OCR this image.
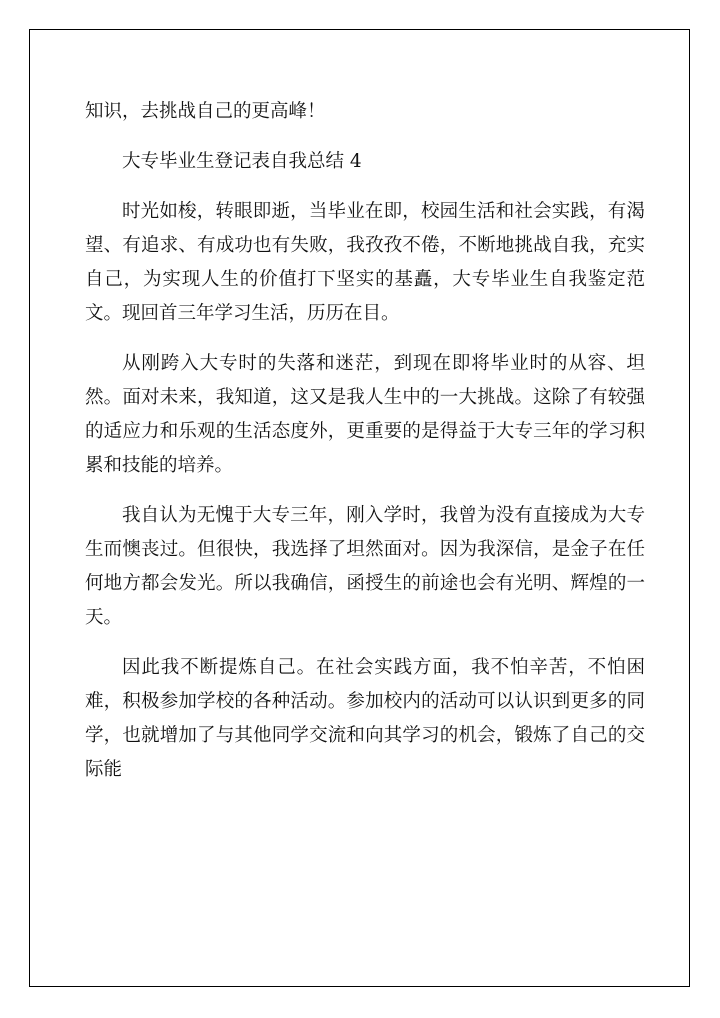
知识，去挑战自己的更高峰！

大专毕业生登记表自我总结 4

时光如梭，转眼即逝，当毕业在即，校园生活和社会实践，有渴望、有追求、有成功也有失败，我孜孜不倦，不断地挑战自我，充实自己，为实现人生的价值打下坚实的基矗，大专毕业生自我鉴定范文。现回首三年学习生活，历历在目。

从刚跨入大专时的失落和迷茫，到现在即将毕业时的从容、坦然。面对未来，我知道，这又是我人生中的一大挑战。这除了有较强的适应力和乐观的生活态度外，更重要的是得益于大专三年的学习积累和技能的培养。

我自认为无愧于大专三年，刚入学时，我曾为没有直接成为大专生而懊丧过。但很快，我选择了坦然面对。因为我深信，是金子在任何地方都会发光。所以我确信，函授生的前途也会有光明、辉煌的一天。

因此我不断提炼自己。在社会实践方面，我不怕辛苦，不怕困难，积极参加学校的各种活动。参加校内的活动可以认识到更多的同学，也就增加了与其他同学交流和向其学习的机会，锻炼了自己的交际能
